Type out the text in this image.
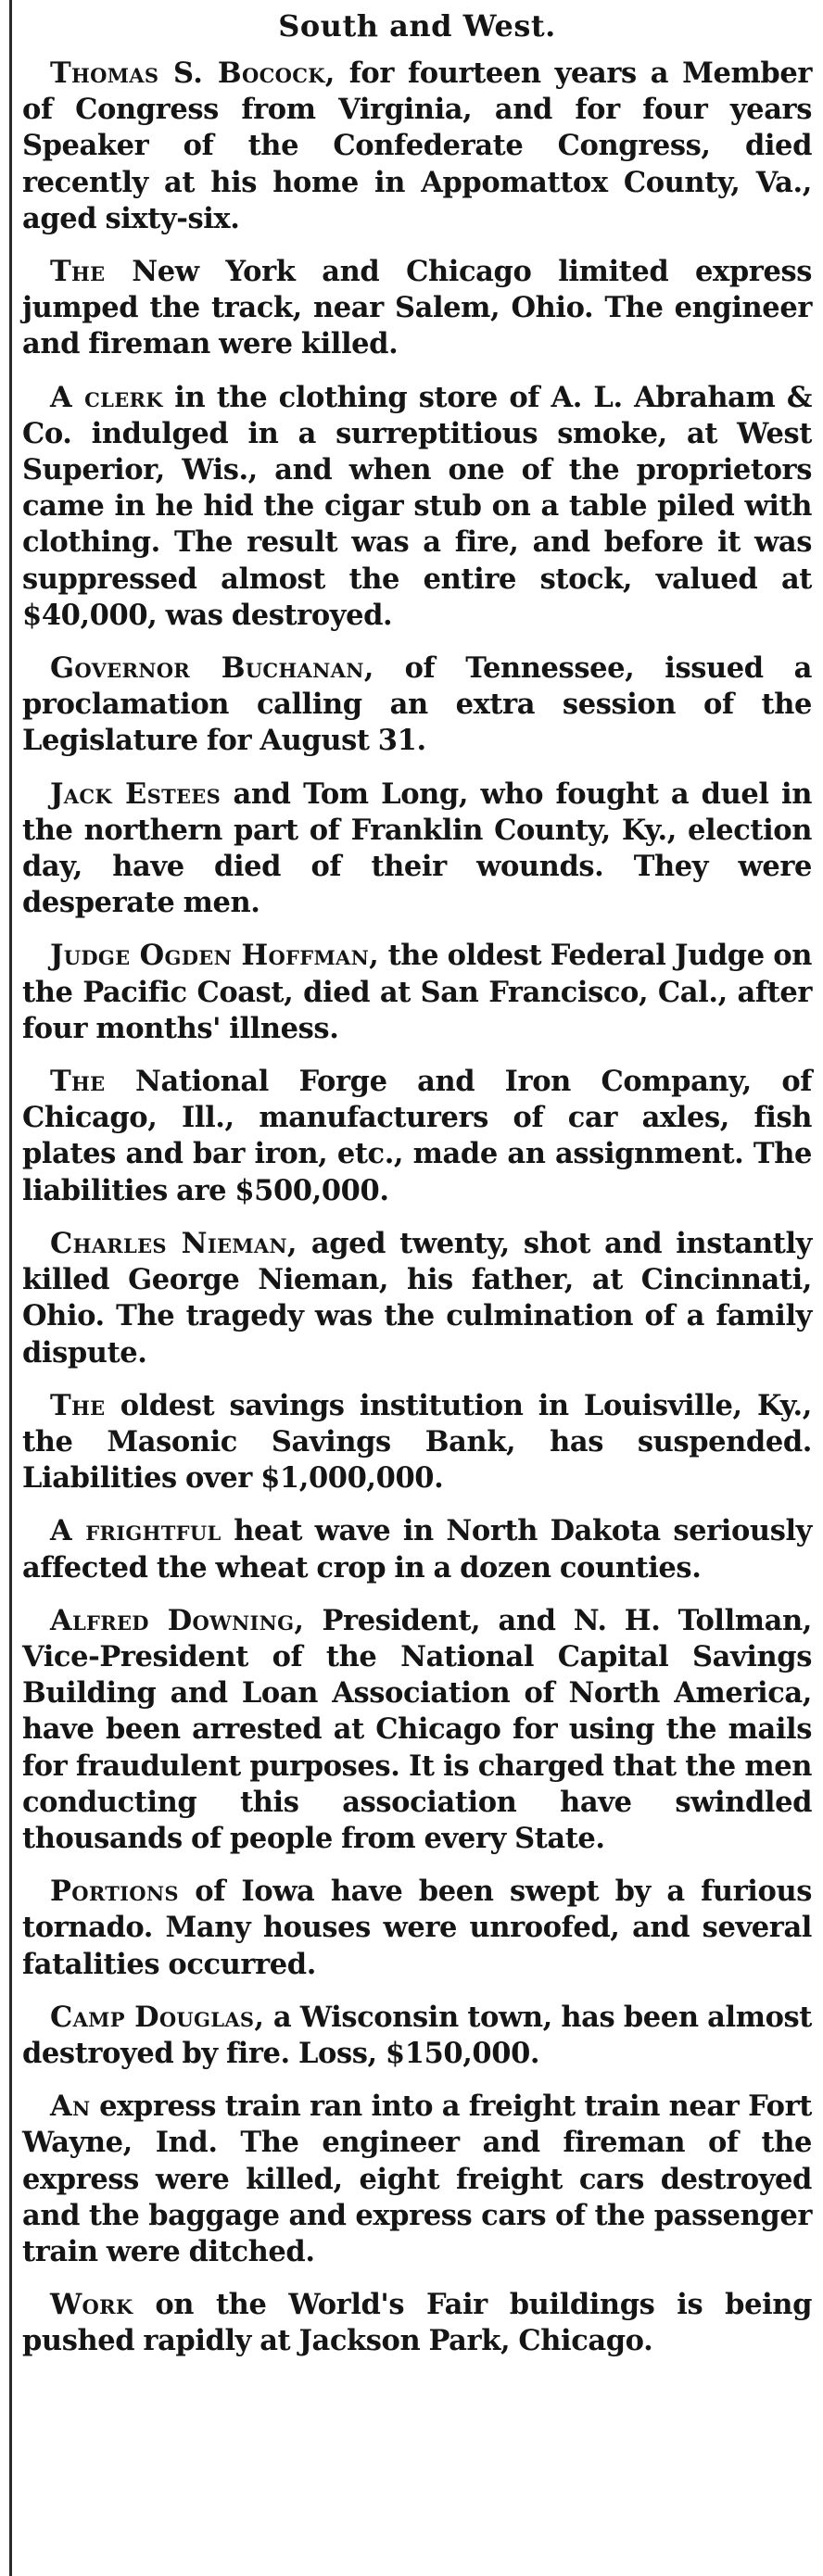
South and West.

Thomas S. Bocock, for fourteen years a Member of Congress from Virginia, and for four years Speaker of the Confederate Congress, died recently at his home in Appomattox County, Va., aged sixty-six.

The New York and Chicago limited express jumped the track, near Salem, Ohio. The engineer and fireman were killed.

A clerk in the clothing store of A. L. Abraham & Co. indulged in a surreptitious smoke, at West Superior, Wis., and when one of the proprietors came in he hid the cigar stub on a table piled with clothing. The result was a fire, and before it was suppressed almost the entire stock, valued at $40,000, was destroyed.

Governor Buchanan, of Tennessee, issued a proclamation calling an extra session of the Legislature for August 31.

Jack Estees and Tom Long, who fought a duel in the northern part of Franklin County, Ky., election day, have died of their wounds. They were desperate men.

Judge Ogden Hoffman, the oldest Federal Judge on the Pacific Coast, died at San Francisco, Cal., after four months' illness.

The National Forge and Iron Company, of Chicago, Ill., manufacturers of car axles, fish plates and bar iron, etc., made an assignment. The liabilities are $500,000.

Charles Nieman, aged twenty, shot and instantly killed George Nieman, his father, at Cincinnati, Ohio. The tragedy was the culmination of a family dispute.

The oldest savings institution in Louisville, Ky., the Masonic Savings Bank, has suspended. Liabilities over $1,000,000.

A frightful heat wave in North Dakota seriously affected the wheat crop in a dozen counties.

Alfred Downing, President, and N. H. Tollman, Vice-President of the National Capital Savings Building and Loan Association of North America, have been arrested at Chicago for using the mails for fraudulent purposes. It is charged that the men conducting this association have swindled thousands of people from every State.

Portions of Iowa have been swept by a furious tornado. Many houses were unroofed, and several fatalities occurred.

Camp Douglas, a Wisconsin town, has been almost destroyed by fire. Loss, $150,000.

An express train ran into a freight train near Fort Wayne, Ind. The engineer and fireman of the express were killed, eight freight cars destroyed and the baggage and express cars of the passenger train were ditched.

Work on the World's Fair buildings is being pushed rapidly at Jackson Park, Chicago.
